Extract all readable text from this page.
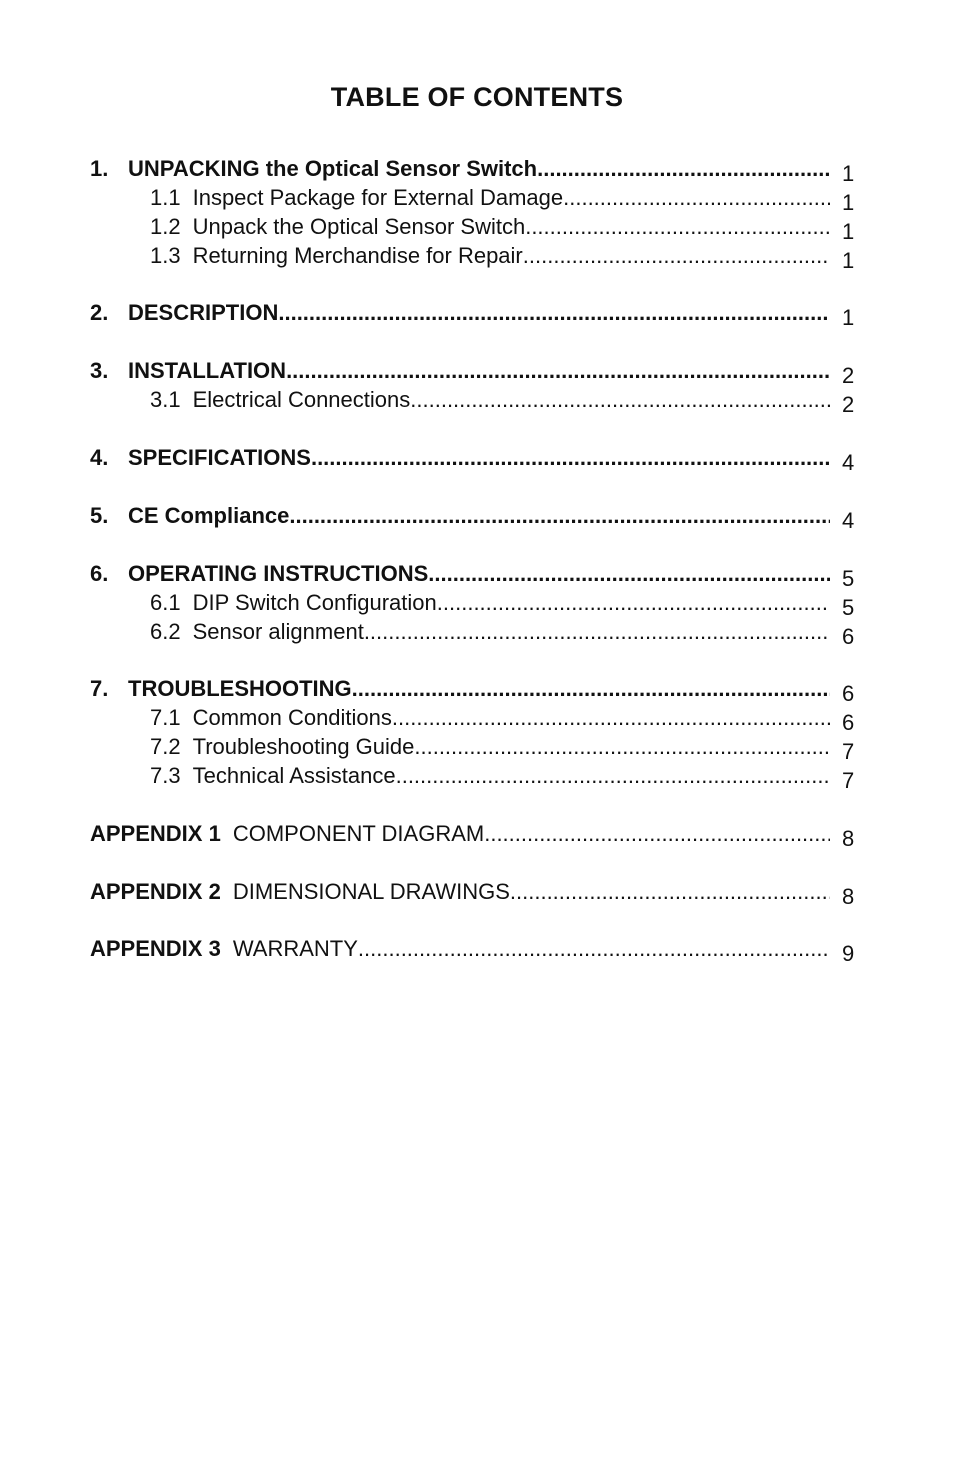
TABLE OF CONTENTS
1. UNPACKING the Optical Sensor Switch .....	1
1.1 Inspect Package for External Damage .....	1
1.2 Unpack the Optical Sensor Switch .....	1
1.3 Returning Merchandise for Repair .....	1
2. DESCRIPTION .....	1
3. INSTALLATION .....	2
3.1 Electrical Connections .....	2
4. SPECIFICATIONS .....	4
5. CE Compliance .....	4
6. OPERATING INSTRUCTIONS .....	5
6.1 DIP Switch Configuration .....	5
6.2 Sensor alignment .....	6
7. TROUBLESHOOTING .....	6
7.1 Common Conditions .....	6
7.2 Troubleshooting Guide .....	7
7.3 Technical Assistance .....	7
APPENDIX 1 COMPONENT DIAGRAM .....	8
APPENDIX 2 DIMENSIONAL DRAWINGS .....	8
APPENDIX 3 WARRANTY .....	9
